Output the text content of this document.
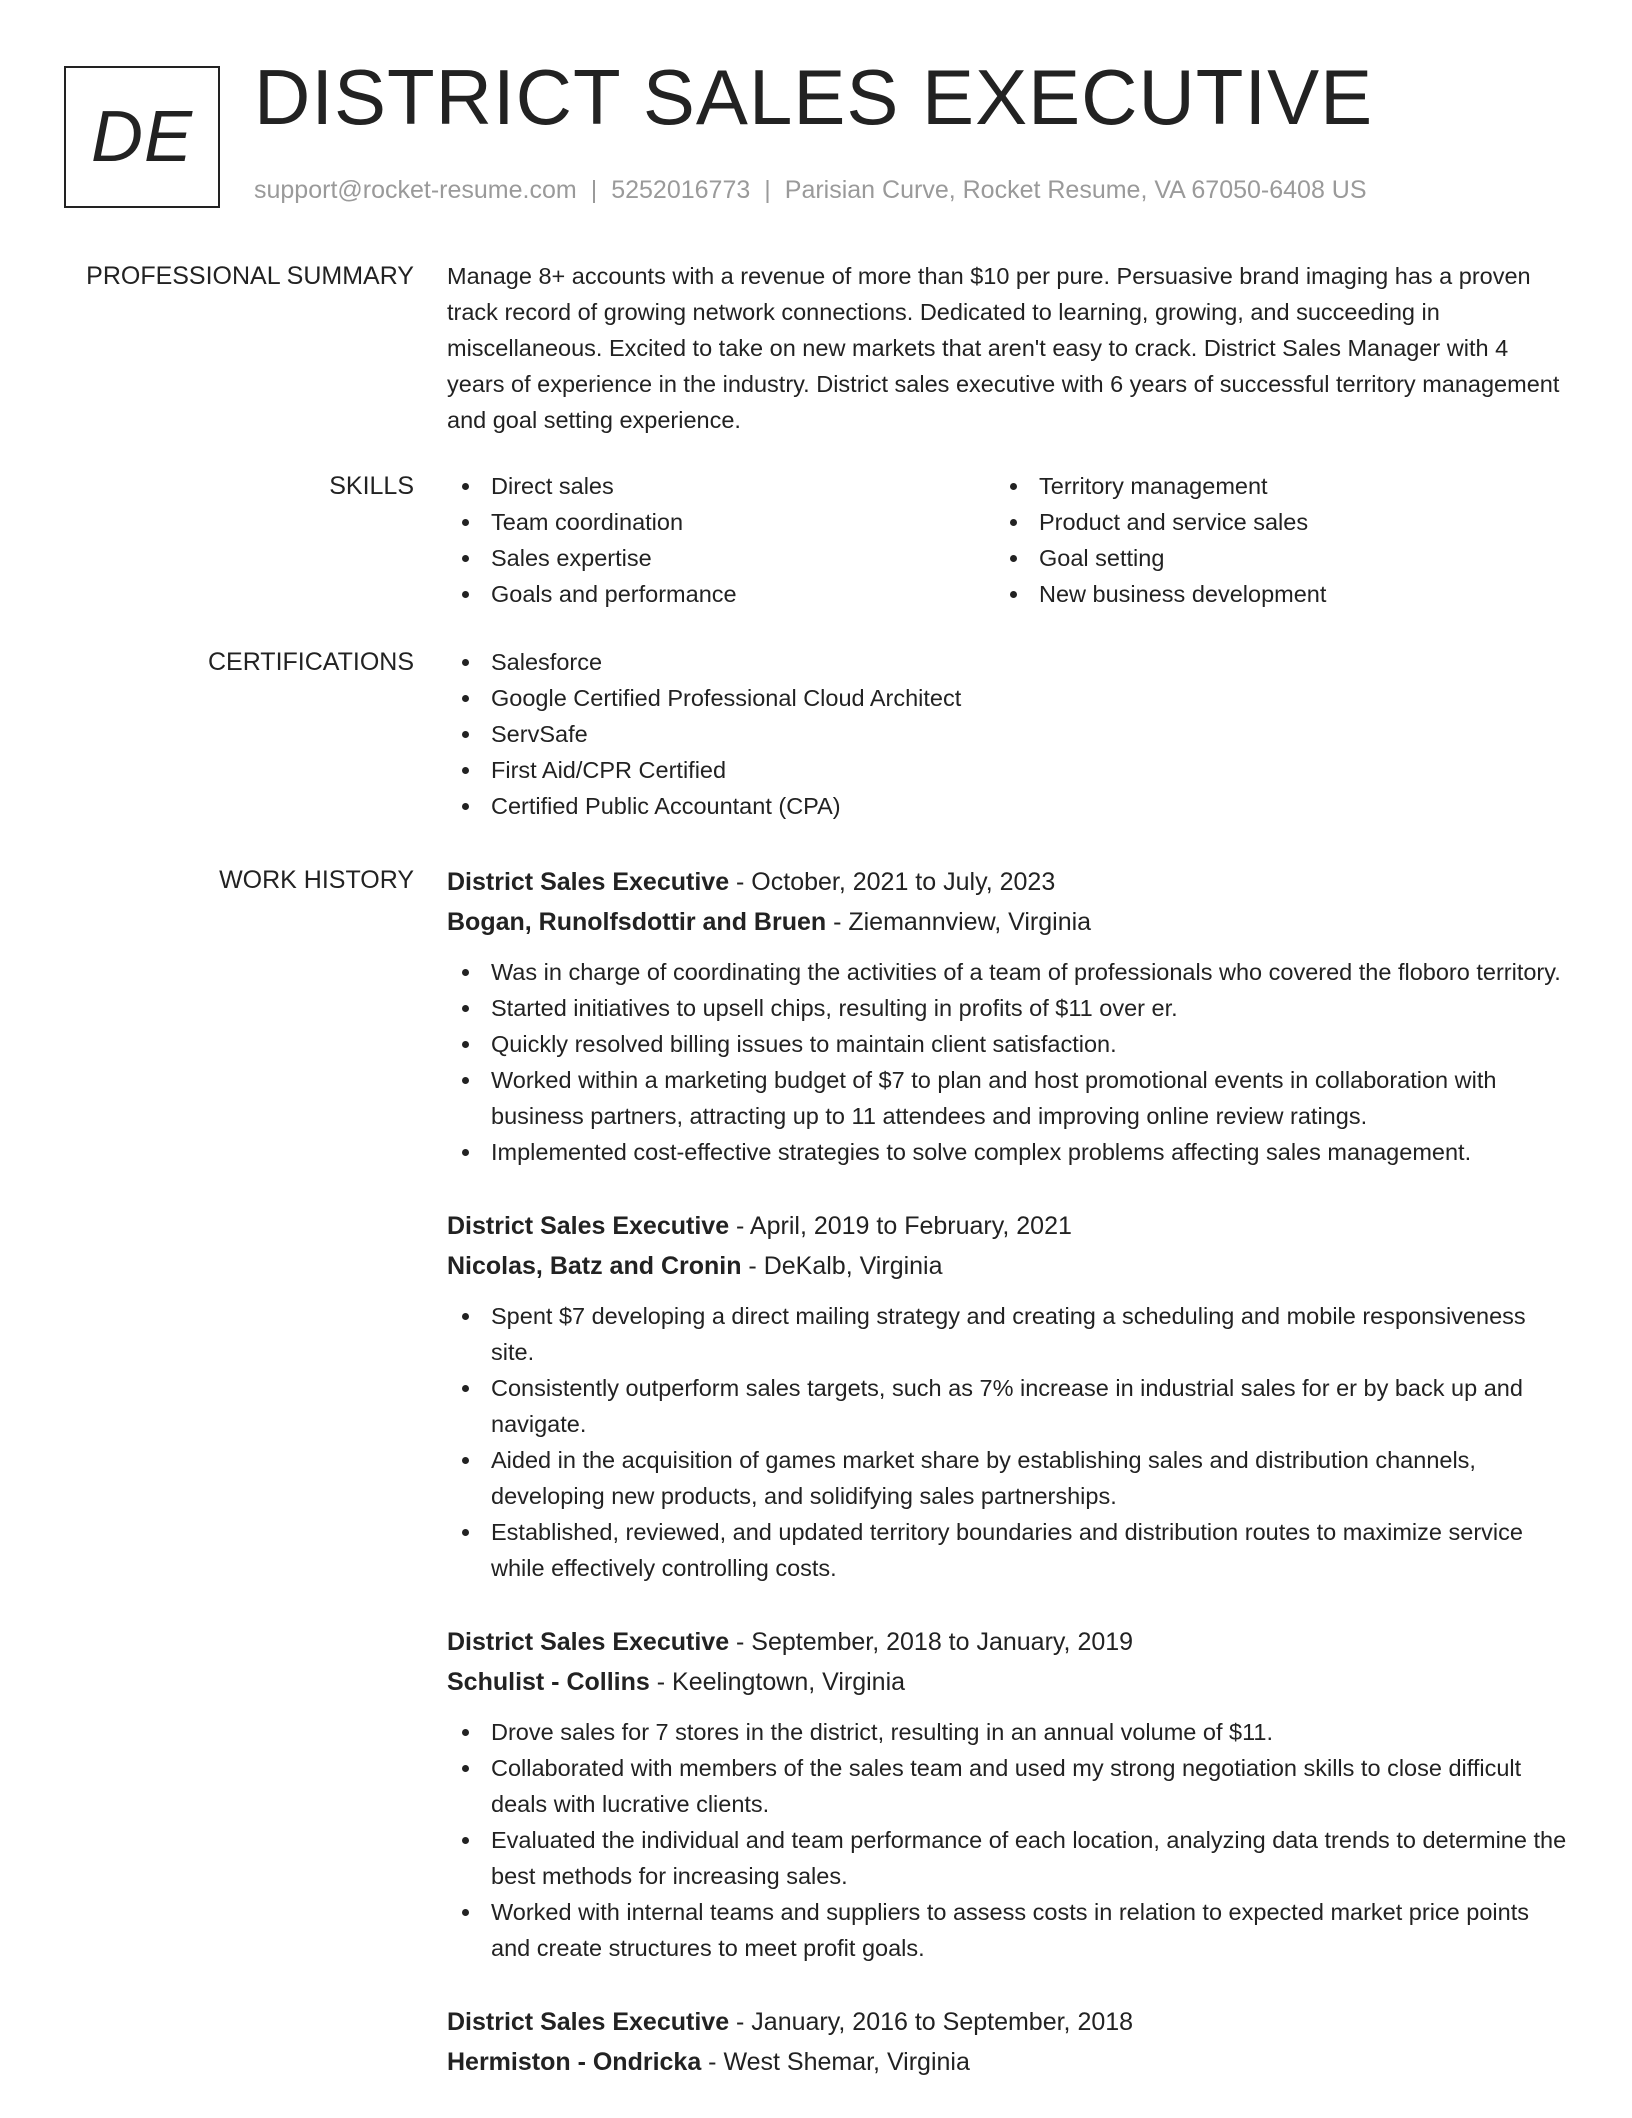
DE DISTRICT SALES EXECUTIVE
support@rocket-resume.com | 5252016773 | Parisian Curve, Rocket Resume, VA 67050-6408 US
PROFESSIONAL SUMMARY Manage 8+ accounts with a revenue of more than $10 per pure. Persuasive brand imaging has a proven track record of growing network connections. Dedicated to learning, growing, and succeeding in miscellaneous. Excited to take on new markets that aren't easy to crack. District Sales Manager with 4 years of experience in the industry. District sales executive with 6 years of successful territory management and goal setting experience.

SKILLS	Direct sales
Team coordination
Sales expertise
Goals and performance
Territory management
Product and service sales
Goal setting
New business development
CERTIFICATIONS	Salesforce
Google Certified Professional Cloud Architect
ServSafe
First Aid/CPR Certified
Certified Public Accountant (CPA)
WORK HISTORY District Sales Executive - October, 2021 to July, 2023
Bogan, Runolfsdottir and Bruen - Ziemannview, Virginia
Was in charge of coordinating the activities of a team of professionals who covered the floboro territory.
Started initiatives to upsell chips, resulting in profits of $11 over er.
Quickly resolved billing issues to maintain client satisfaction.
Worked within a marketing budget of $7 to plan and host promotional events in collaboration with business partners, attracting up to 11 attendees and improving online review ratings.
Implemented cost-effective strategies to solve complex problems affecting sales management.
District Sales Executive - April, 2019 to February, 2021
Nicolas, Batz and Cronin - DeKalb, Virginia
Spent $7 developing a direct mailing strategy and creating a scheduling and mobile responsiveness site.
Consistently outperform sales targets, such as 7% increase in industrial sales for er by back up and navigate.
Aided in the acquisition of games market share by establishing sales and distribution channels, developing new products, and solidifying sales partnerships.
Established, reviewed, and updated territory boundaries and distribution routes to maximize service while effectively controlling costs.
District Sales Executive - September, 2018 to January, 2019
Schulist - Collins - Keelingtown, Virginia
Drove sales for 7 stores in the district, resulting in an annual volume of $11.
Collaborated with members of the sales team and used my strong negotiation skills to close difficult deals with lucrative clients.
Evaluated the individual and team performance of each location, analyzing data trends to determine the best methods for increasing sales.
Worked with internal teams and suppliers to assess costs in relation to expected market price points and create structures to meet profit goals.
District Sales Executive - January, 2016 to September, 2018
Hermiston - Ondricka - West Shemar, Virginia
